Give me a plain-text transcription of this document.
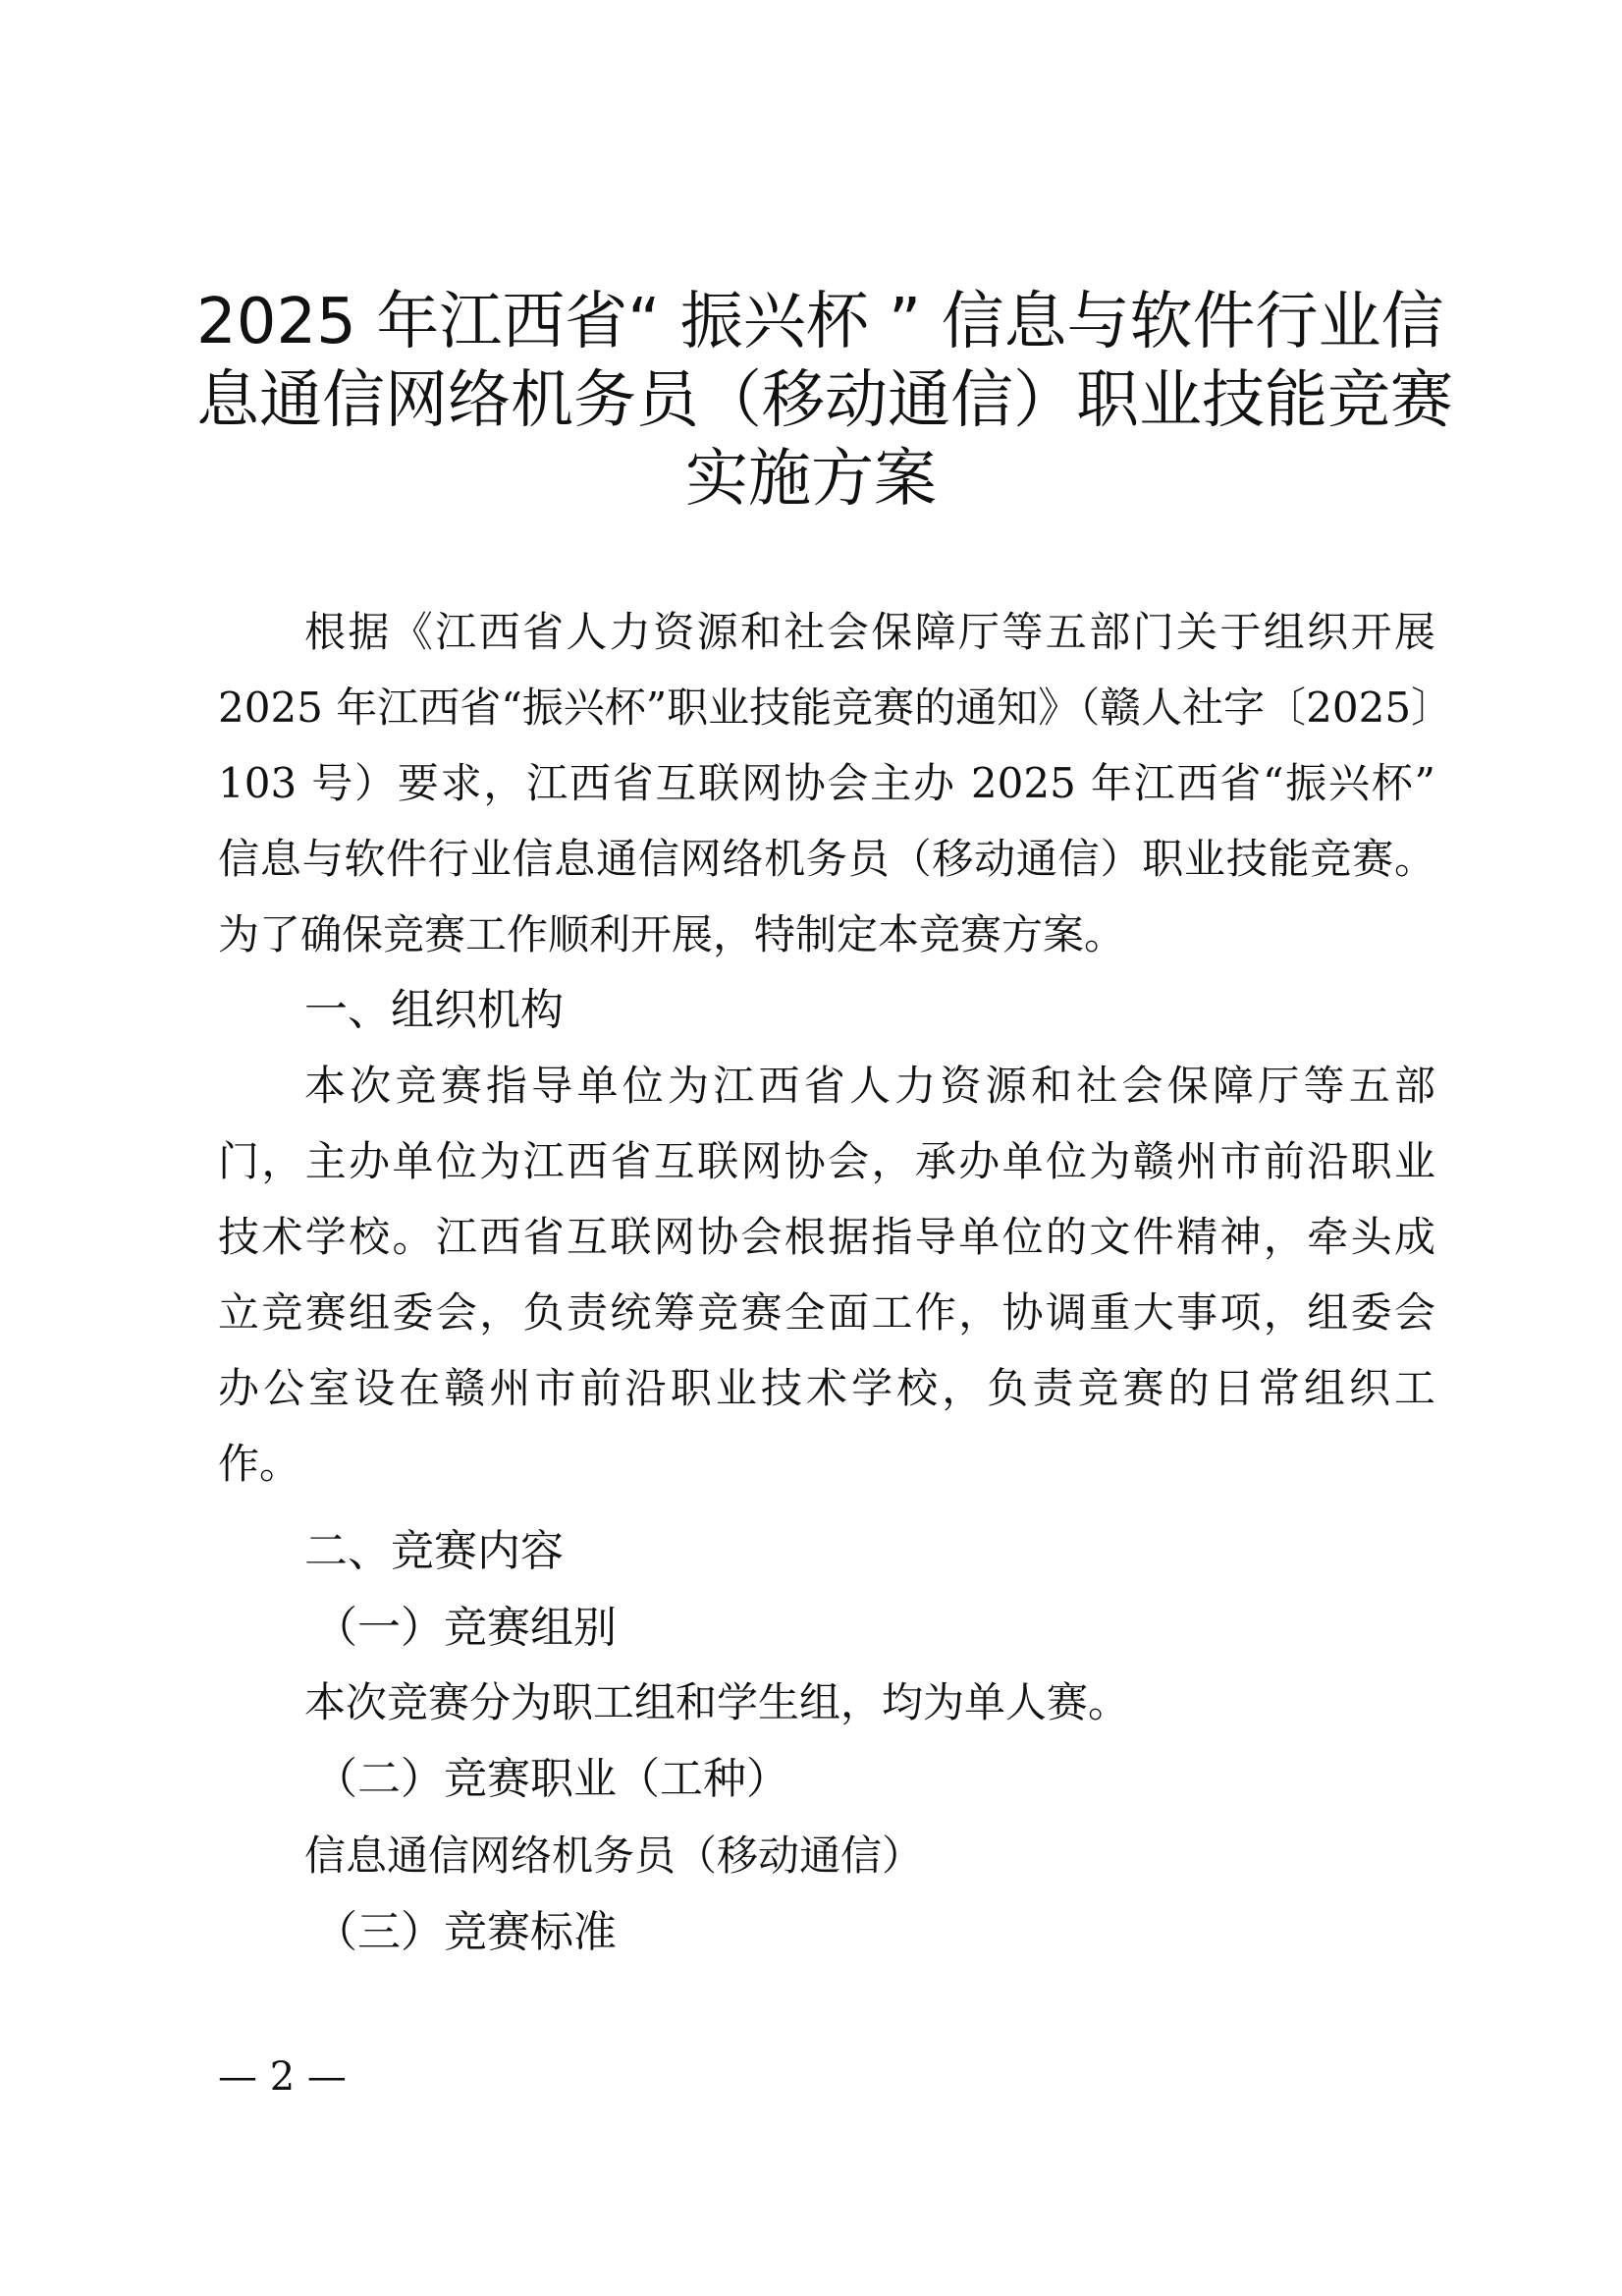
2025 年江西省“ 振兴杯 ” 信息与软件行业信
息通信网络机务员（移动通信）职业技能竞赛
实施方案
根据《江西省人力资源和社会保障厅等五部门关于组织开展
2025 年江西省“振兴杯”职业技能竞赛的通知》（赣人社字〔2025〕
103 号）要求，江西省互联网协会主办 2025 年江西省“振兴杯”
信息与软件行业信息通信网络机务员（移动通信）职业技能竞赛。
为了确保竞赛工作顺利开展，特制定本竞赛方案。
一、组织机构
本次竞赛指导单位为江西省人力资源和社会保障厅等五部
门，主办单位为江西省互联网协会，承办单位为赣州市前沿职业
技术学校。江西省互联网协会根据指导单位的文件精神，牵头成
立竞赛组委会，负责统筹竞赛全面工作，协调重大事项，组委会
办公室设在赣州市前沿职业技术学校，负责竞赛的日常组织工
作。
二、竞赛内容
（一）竞赛组别
本次竞赛分为职工组和学生组，均为单人赛。
（二）竞赛职业（工种）
信息通信网络机务员（移动通信）
（三）竞赛标准
— 2 —
